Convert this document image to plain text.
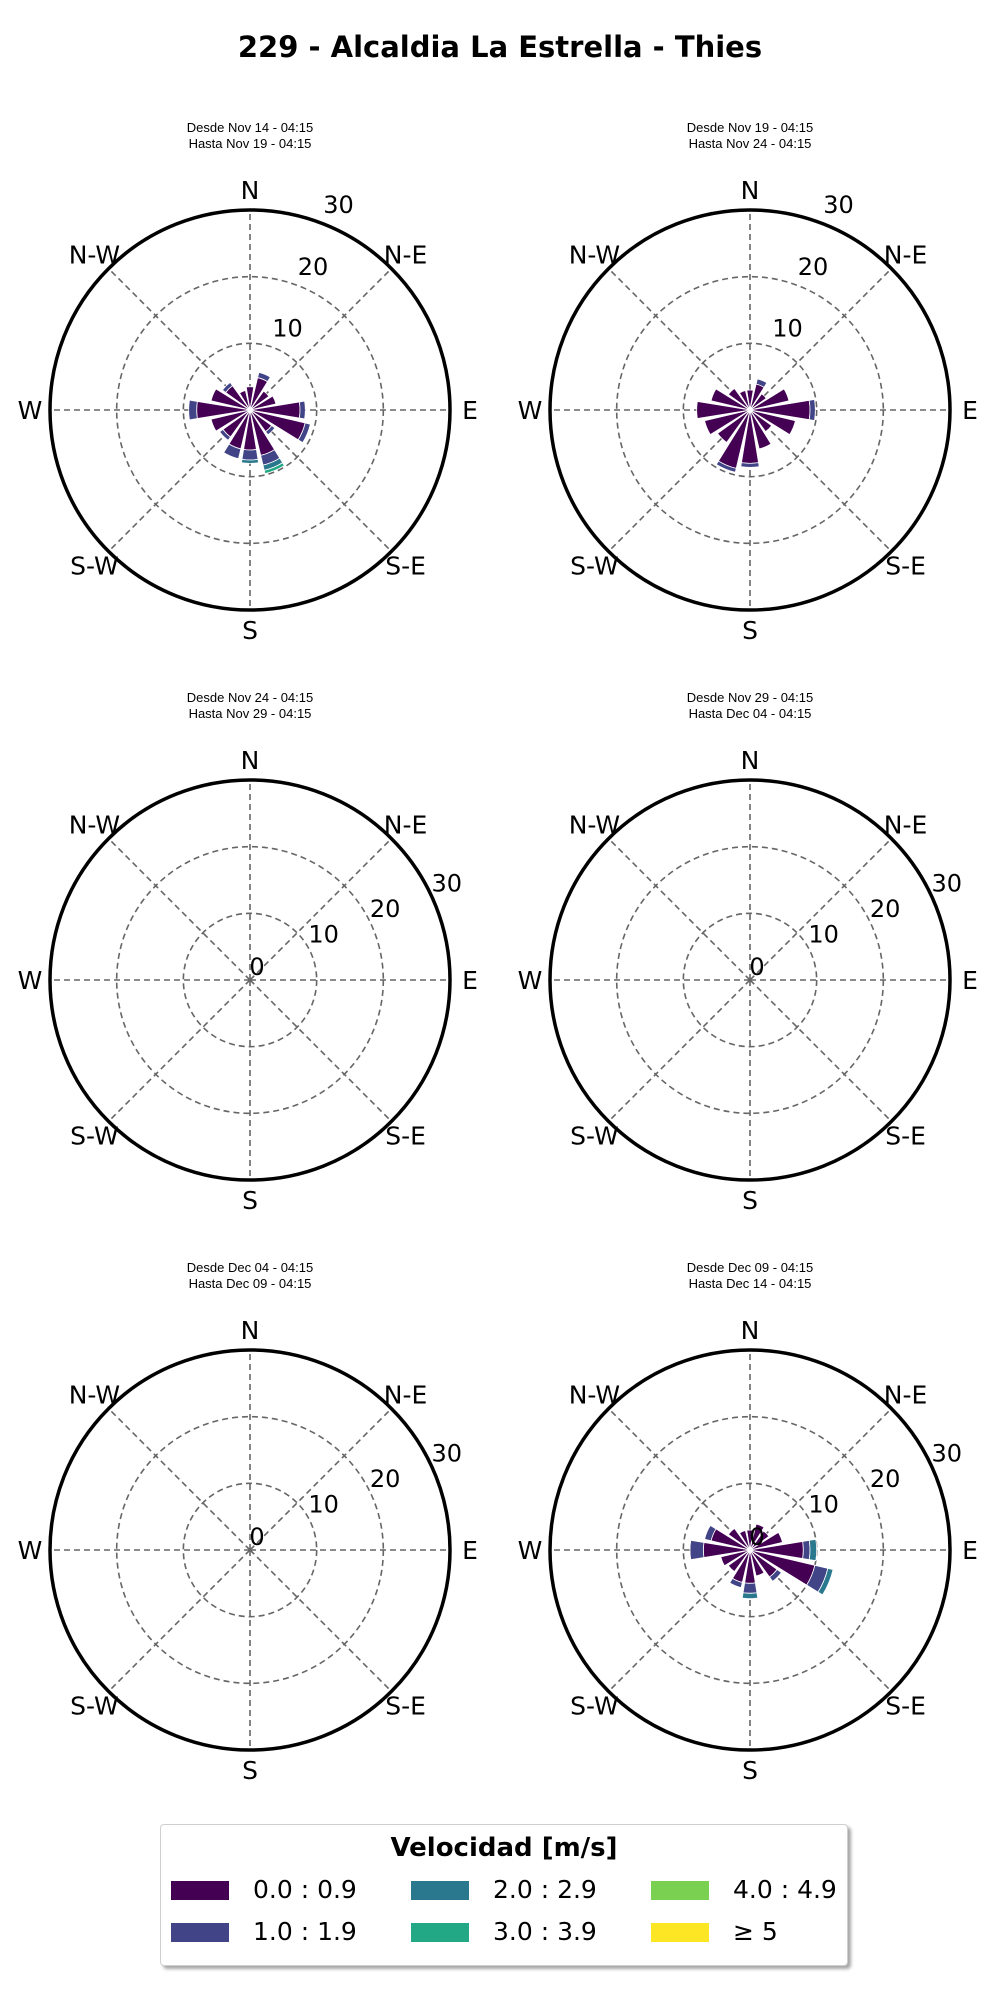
229 - Alcaldia La Estrella - Thies
Desde Nov 14 - 04:15
Hasta Nov 19 - 04:15
N
N-E
E
S-E
S
S-W
W
N-W
10
20
30
Desde Nov 19 - 04:15
Hasta Nov 24 - 04:15
N
N-E
E
S-E
S
S-W
W
N-W
10
20
30
Desde Nov 24 - 04:15
Hasta Nov 29 - 04:15
N
N-E
E
S-E
S
S-W
W
N-W
0
10
20
30
Desde Nov 29 - 04:15
Hasta Dec 04 - 04:15
N
N-E
E
S-E
S
S-W
W
N-W
0
10
20
30
Desde Dec 04 - 04:15
Hasta Dec 09 - 04:15
N
N-E
E
S-E
S
S-W
W
N-W
0
10
20
30
Desde Dec 09 - 04:15
Hasta Dec 14 - 04:15
N
N-E
E
S-E
S
S-W
W
N-W
0
10
20
30
Velocidad [m/s]
0.0 : 0.9
1.0 : 1.9
2.0 : 2.9
3.0 : 3.9
4.0 : 4.9
≥ 5
